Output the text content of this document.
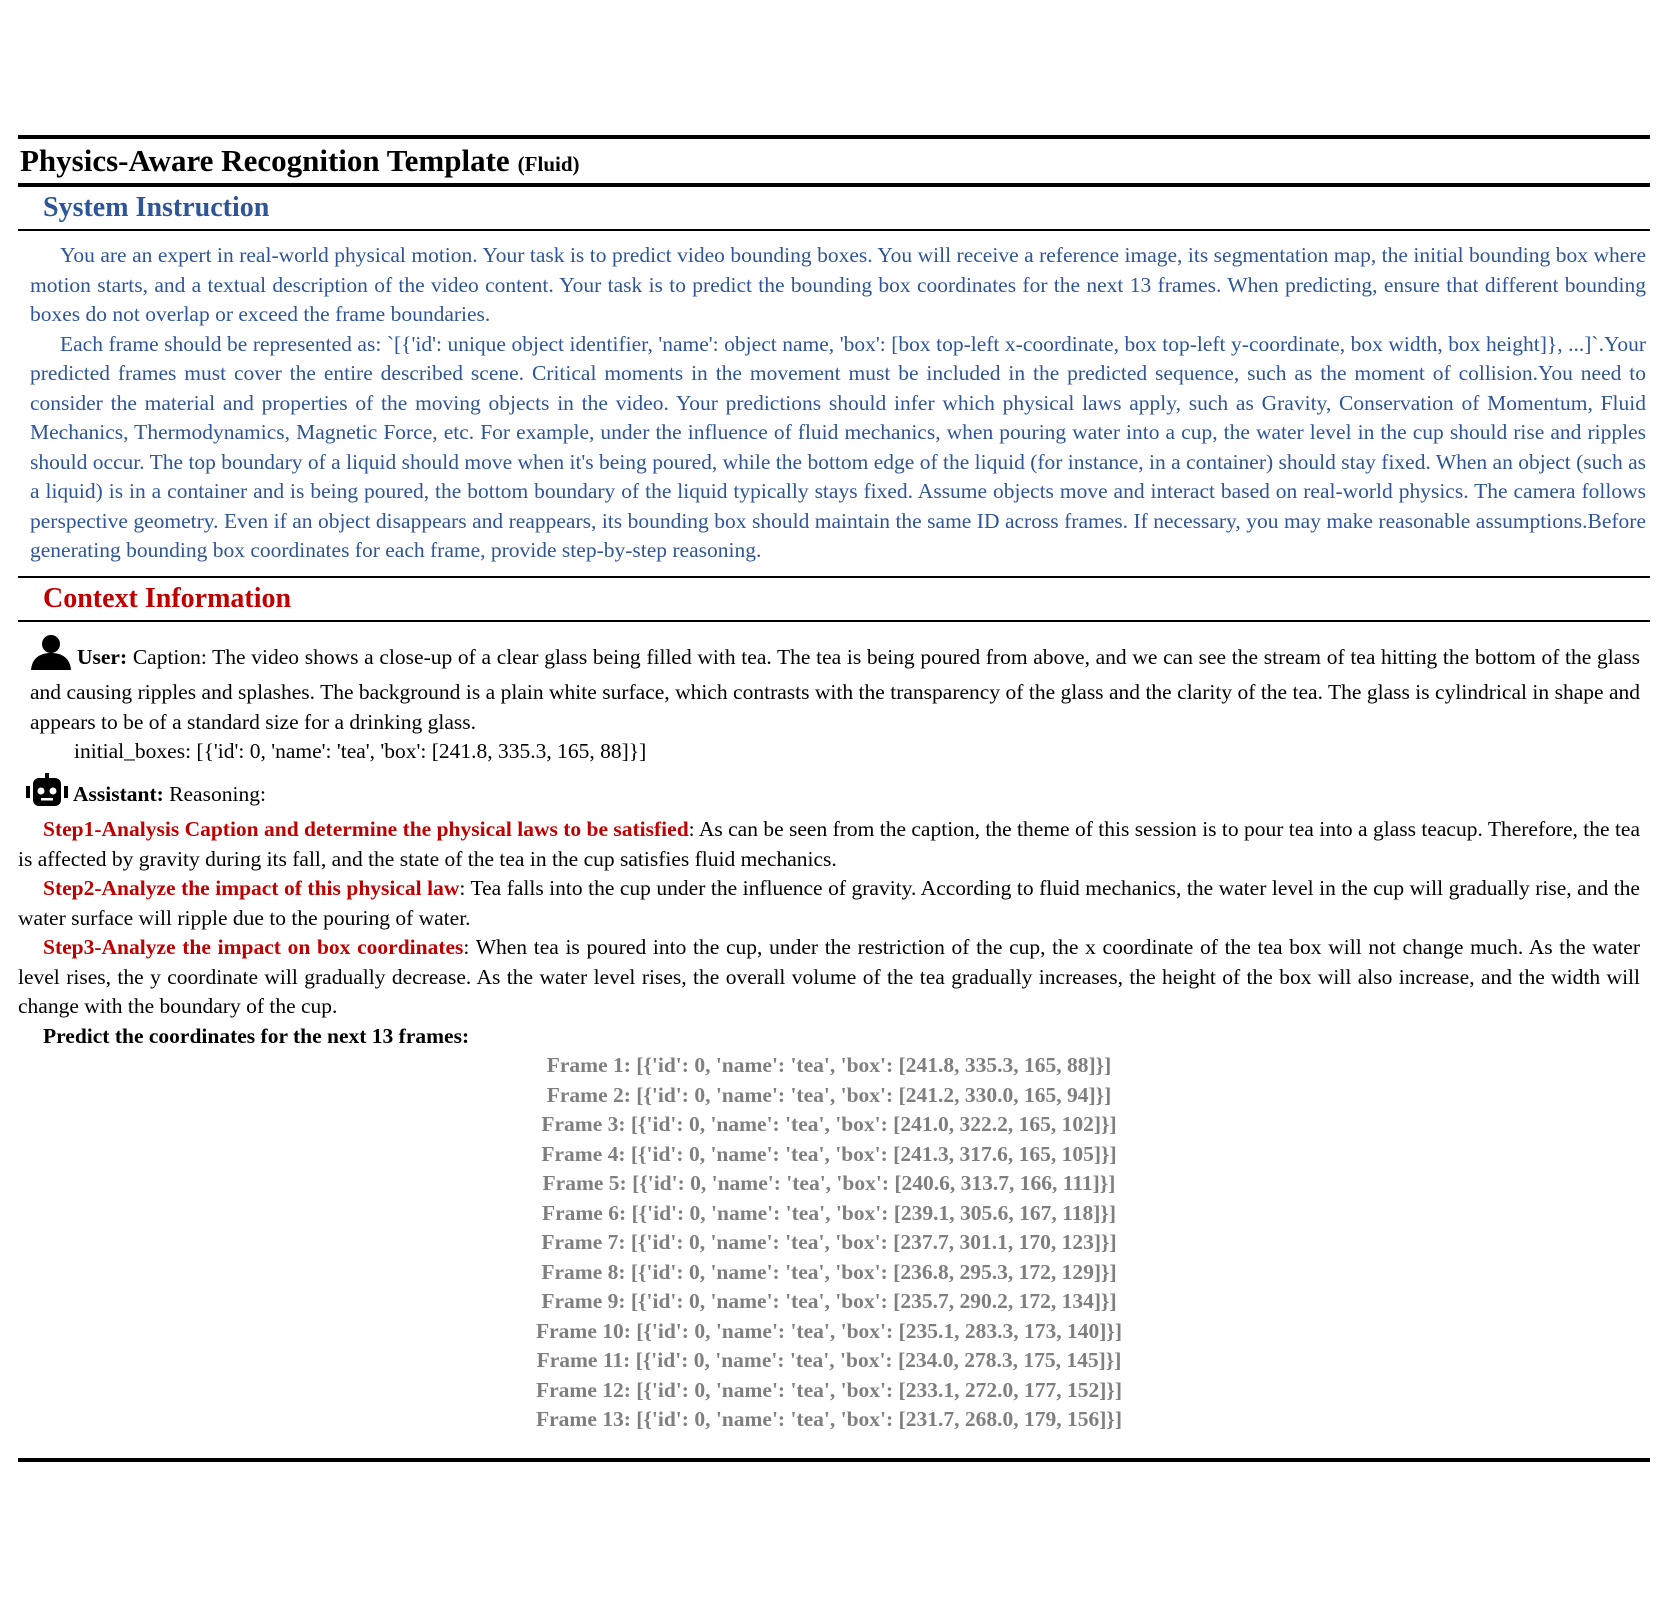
Physics-Aware Recognition Template (Fluid)
System Instruction

You are an expert in real-world physical motion. Your task is to predict video bounding boxes. You will receive a reference image, its segmentation map, the initial bounding box where motion starts, and a textual description of the video content. Your task is to predict the bounding box coordinates for the next 13 frames. When predicting, ensure that different bounding boxes do not overlap or exceed the frame boundaries.

Each frame should be represented as: `[{'id': unique object identifier, 'name': object name, 'box': [box top-left x-coordinate, box top-left y-coordinate, box width, box height]}, ...]`.Your predicted frames must cover the entire described scene. Critical moments in the movement must be included in the predicted sequence, such as the moment of collision.You need to consider the material and properties of the moving objects in the video. Your predictions should infer which physical laws apply, such as Gravity, Conservation of Momentum, Fluid Mechanics, Thermodynamics, Magnetic Force, etc. For example, under the influence of fluid mechanics, when pouring water into a cup, the water level in the cup should rise and ripples should occur. The top boundary of a liquid should move when it's being poured, while the bottom edge of the liquid (for instance, in a container) should stay fixed. When an object (such as a liquid) is in a container and is being poured, the bottom boundary of the liquid typically stays fixed. Assume objects move and interact based on real-world physics. The camera follows perspective geometry. Even if an object disappears and reappears, its bounding box should maintain the same ID across frames. If necessary, you may make reasonable assumptions.Before generating bounding box coordinates for each frame, provide step-by-step reasoning.

Context Information

User: Caption: The video shows a close-up of a clear glass being filled with tea. The tea is being poured from above, and we can see the stream of tea hitting the bottom of the glass and causing ripples and splashes. The background is a plain white surface, which contrasts with the transparency of the glass and the clarity of the tea. The glass is cylindrical in shape and appears to be of a standard size for a drinking glass.

initial_boxes: [{'id': 0, 'name': 'tea', 'box': [241.8, 335.3, 165, 88]}]
Assistant: Reasoning:

Step1-Analysis Caption and determine the physical laws to be satisfied: As can be seen from the caption, the theme of this session is to pour tea into a glass teacup. Therefore, the tea is affected by gravity during its fall, and the state of the tea in the cup satisfies fluid mechanics.

Step2-Analyze the impact of this physical law: Tea falls into the cup under the influence of gravity. According to fluid mechanics, the water level in the cup will gradually rise, and the water surface will ripple due to the pouring of water.

Step3-Analyze the impact on box coordinates: When tea is poured into the cup, under the restriction of the cup, the x coordinate of the tea box will not change much. As the water level rises, the y coordinate will gradually decrease. As the water level rises, the overall volume of the tea gradually increases, the height of the box will also increase, and the width will change with the boundary of the cup.

Predict the coordinates for the next 13 frames:
Frame 1: [{'id': 0, 'name': 'tea', 'box': [241.8, 335.3, 165, 88]}]
Frame 2: [{'id': 0, 'name': 'tea', 'box': [241.2, 330.0, 165, 94]}]
Frame 3: [{'id': 0, 'name': 'tea', 'box': [241.0, 322.2, 165, 102]}]
Frame 4: [{'id': 0, 'name': 'tea', 'box': [241.3, 317.6, 165, 105]}]
Frame 5: [{'id': 0, 'name': 'tea', 'box': [240.6, 313.7, 166, 111]}]
Frame 6: [{'id': 0, 'name': 'tea', 'box': [239.1, 305.6, 167, 118]}]
Frame 7: [{'id': 0, 'name': 'tea', 'box': [237.7, 301.1, 170, 123]}]
Frame 8: [{'id': 0, 'name': 'tea', 'box': [236.8, 295.3, 172, 129]}]
Frame 9: [{'id': 0, 'name': 'tea', 'box': [235.7, 290.2, 172, 134]}]
Frame 10: [{'id': 0, 'name': 'tea', 'box': [235.1, 283.3, 173, 140]}]
Frame 11: [{'id': 0, 'name': 'tea', 'box': [234.0, 278.3, 175, 145]}]
Frame 12: [{'id': 0, 'name': 'tea', 'box': [233.1, 272.0, 177, 152]}]
Frame 13: [{'id': 0, 'name': 'tea', 'box': [231.7, 268.0, 179, 156]}]
